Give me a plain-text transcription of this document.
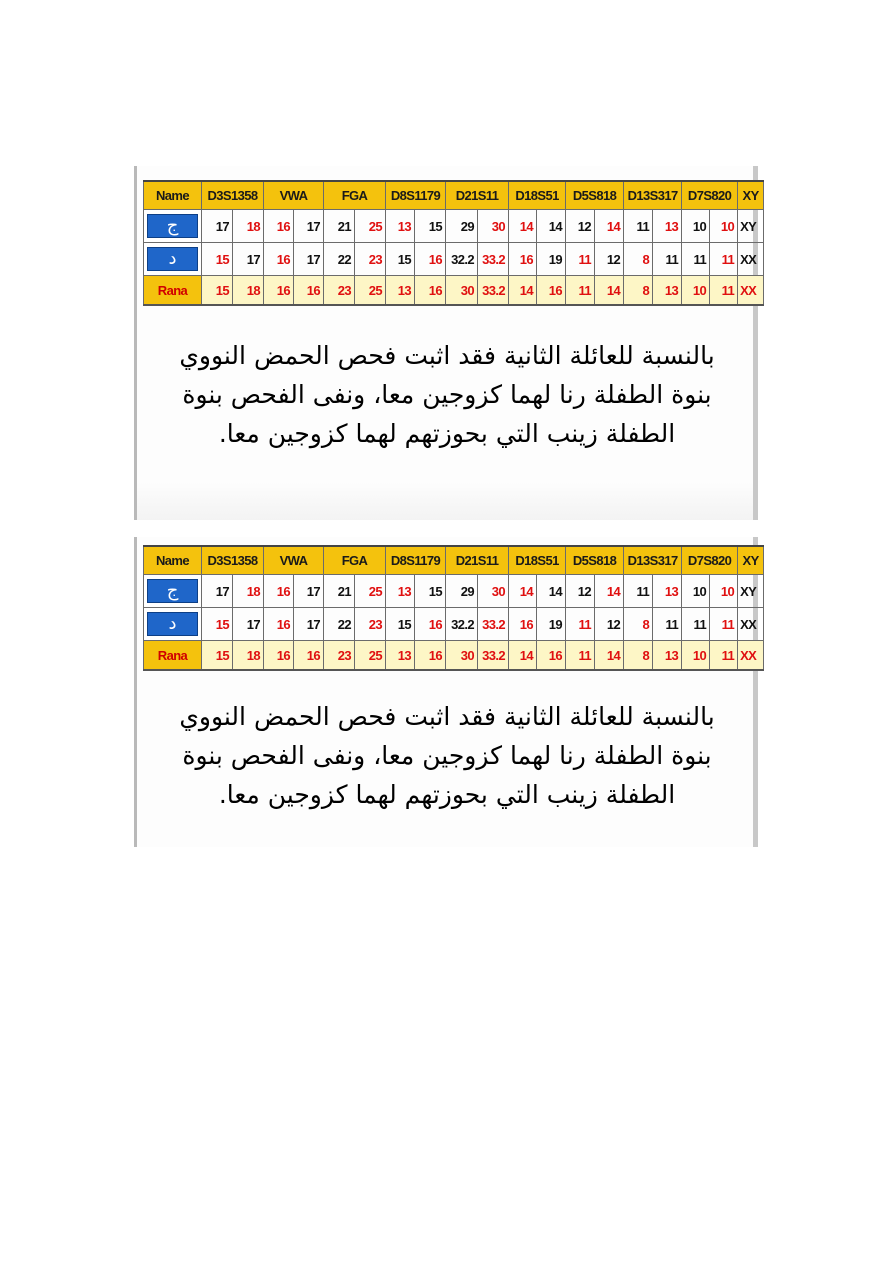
Name	D3S1358		VWA		FGA		D8S1179		D21S11		D18S51		D5S818		D13S317		D7S820		XY

ج	17	18	16	17	21	25	13	15	29	30	14	14	12	14	11	13	10	10	XY

د	15	17	16	17	22	23	15	16	32.2	33.2	16	19	11	12	8	11	11	11	XX
Rana	15	18	16	16	23	25	13	16	30	33.2	14	16	11	14	8	13	10	11	XX
بالنسبة للعائلة الثانية فقد اثبت فحص الحمض النووي
بنوة الطفلة رنا لهما كزوجين معا، ونفى الفحص بنوة
الطفلة زينب التي بحوزتهم لهما كزوجين معا.
Name	D3S1358		VWA		FGA		D8S1179		D21S11		D18S51		D5S818		D13S317		D7S820		XY

ج	17	18	16	17	21	25	13	15	29	30	14	14	12	14	11	13	10	10	XY

د	15	17	16	17	22	23	15	16	32.2	33.2	16	19	11	12	8	11	11	11	XX
Rana	15	18	16	16	23	25	13	16	30	33.2	14	16	11	14	8	13	10	11	XX
بالنسبة للعائلة الثانية فقد اثبت فحص الحمض النووي
بنوة الطفلة رنا لهما كزوجين معا، ونفى الفحص بنوة
الطفلة زينب التي بحوزتهم لهما كزوجين معا.
